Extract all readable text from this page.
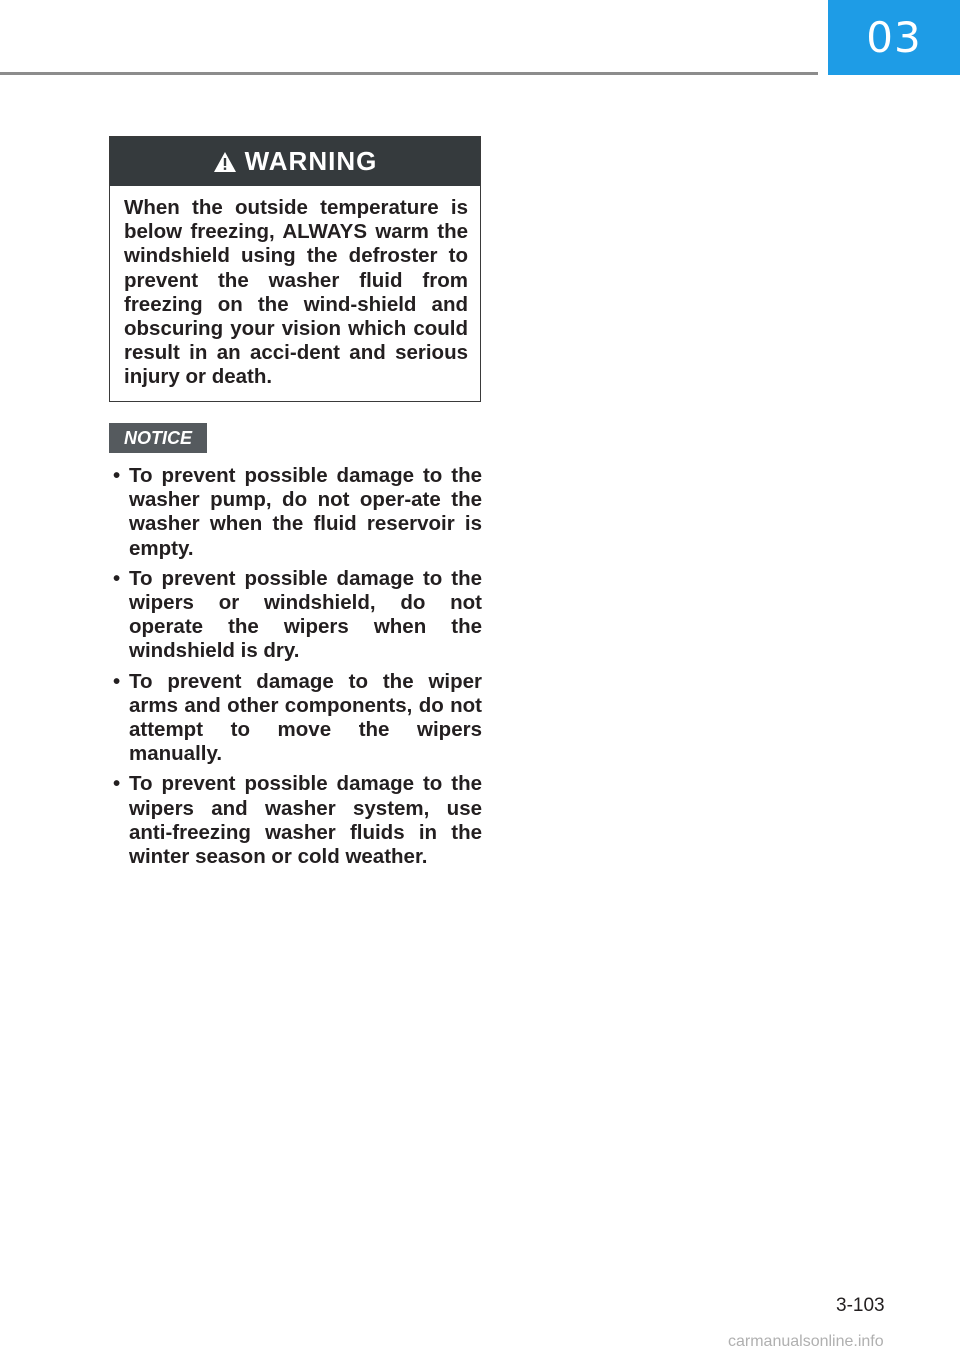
03
WARNING
When the outside temperature is below freezing, ALWAYS warm the windshield using the defroster to prevent the washer fluid from freezing on the wind-shield and obscuring your vision which could result in an acci-dent and serious injury or death.
NOTICE
• To prevent possible damage to the washer pump, do not oper-ate the washer when the fluid reservoir is empty.
• To prevent possible damage to the wipers or windshield, do not operate the wipers when the windshield is dry.
• To prevent damage to the wiper arms and other components, do not attempt to move the wipers manually.
• To prevent possible damage to the wipers and washer system, use anti-freezing washer fluids in the winter season or cold weather.
3-103
carmanualsonline.info
